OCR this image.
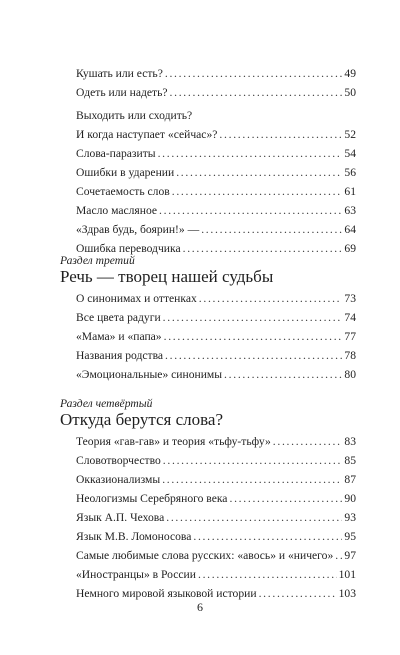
Кушать или есть? . . .	49
Одеть или надеть? . . .	50
Выходить или сходить?
И когда наступает «сейчас»? . . .	52
Слова-паразиты . . .	54
Ошибки в ударении . . .	56
Сочетаемость слов . . .	61
Масло масляное . . .	63
«Здрав будь, боярин!» — . . .	64
Ошибка переводчика . . .	69
Раздел третий
Речь — творец нашей судьбы
О синонимах и оттенках . . .	73
Все цвета радуги . . .	74
«Мама» и «папа» . . .	77
Названия родства . . .	78
«Эмоциональные» синонимы . . .	80
Раздел четвёртый
Откуда берутся слова?
Теория «гав-гав» и теория «тьфу-тьфу» . . .	83
Словотворчество . . .	85
Окказионализмы . . .	87
Неологизмы Серебряного века . . .	90
Язык А.П. Чехова . . .	93
Язык М.В. Ломоносова . . .	95
Самые любимые слова русских: «авось» и «ничего» . . . 97
«Иностранцы» в России . . .	101
Немного мировой языковой истории . . .	103
6
